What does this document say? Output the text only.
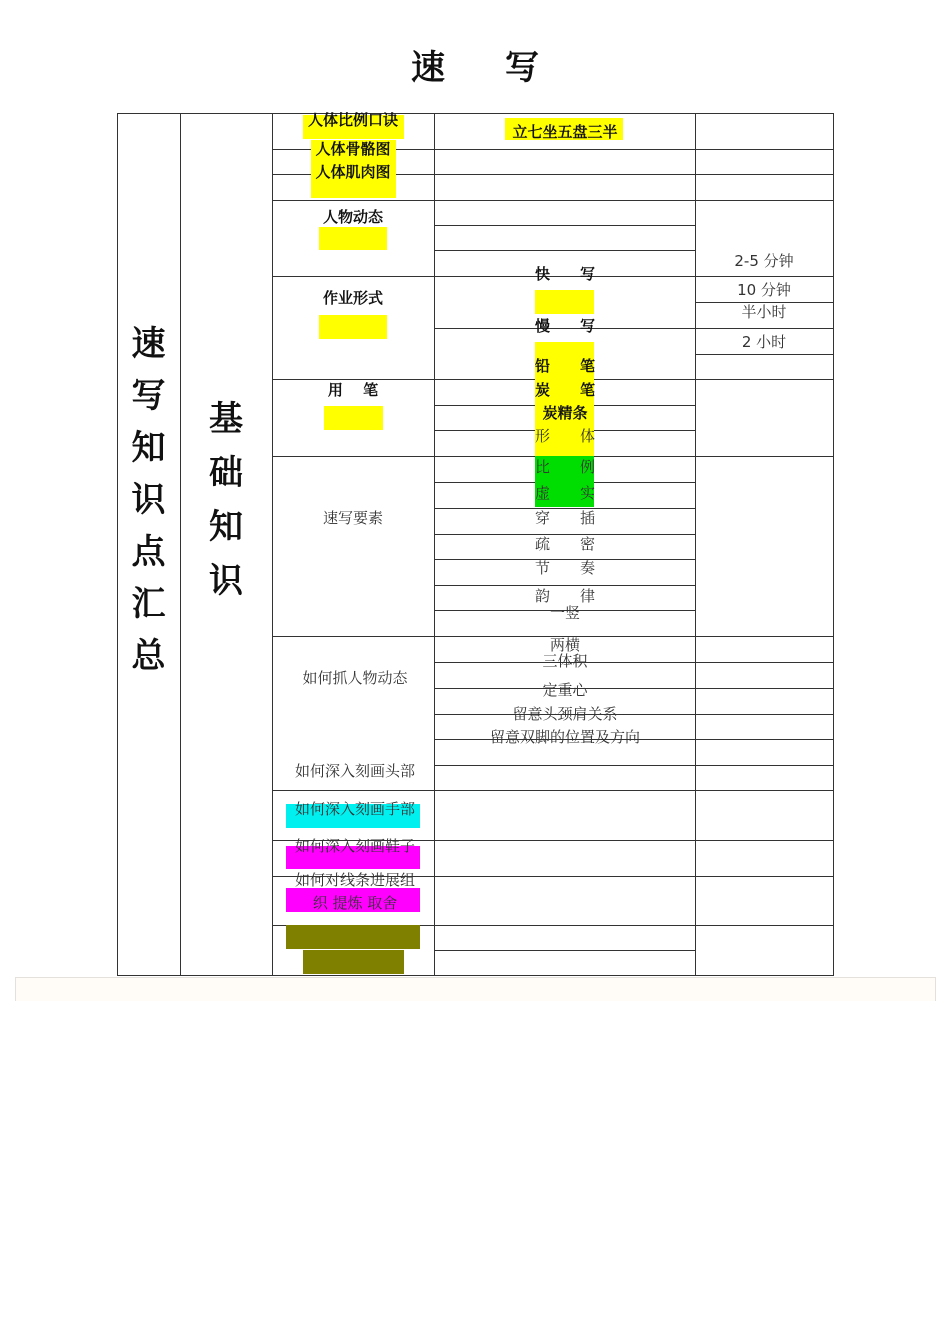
速 写
速
写
知
识
点
汇
总
基
础
知
识
人体比例口诀
人体骨骼图
人体肌肉图
人物动态
作业形式
用　 笔
速写要素
如何抓人物动态
如何深入刻画头部
如何深入刻画手部
如何深入刻画鞋子
如何对线条进展组
织 提炼 取舍
立七坐五盘三半
快　　写
慢　　写
铅　　笔
炭　　笔
炭精条
形　　体
比　　例
虚　　实
穿　　插
疏　　密
节　　奏
韵　　律
一竖
两横
三体积
定重心
留意头颈肩关系
留意双脚的位置及方向
2-5 分钟
10 分钟
半小时
2 小时
